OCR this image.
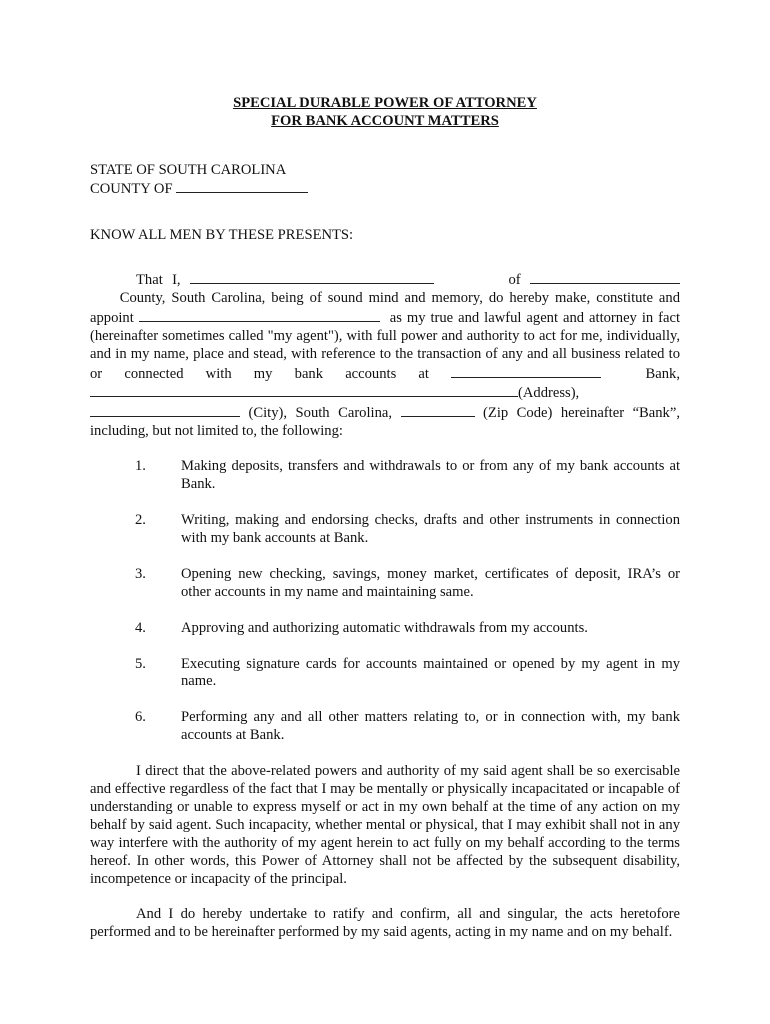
SPECIAL DURABLE POWER OF ATTORNEY

FOR BANK ACCOUNT MATTERS

STATE OF SOUTH CAROLINA
COUNTY OF
KNOW ALL MEN BY THESE PRESENTS:

That I,	of       County, South Carolina, being of sound mind and memory, do hereby make, constitute and appoint	as my true and lawful agent and attorney in fact (hereinafter sometimes called "my agent"), with full power and authority to act for me, individually, and in my name, place and stead, with reference to the transaction of any and all business related to or connected with my bank accounts at	Bank, (Address),  (City), South Carolina,	(Zip Code) hereinafter “Bank”, including, but not limited to, the following:

1.	Making deposits, transfers and withdrawals to or from any of my bank accounts at Bank.
2.	Writing, making and endorsing checks, drafts and other instruments in connection with my bank accounts at Bank.
3.	Opening new checking, savings, money market, certificates of deposit, IRA’s or other accounts in my name and maintaining same.
4.	Approving and authorizing automatic withdrawals from my accounts.
5.	Executing signature cards for accounts maintained or opened by my agent in my name.
6.	Performing any and all other matters relating to, or in connection with, my bank accounts at Bank.

I direct that the above-related powers and authority of my said agent shall be so exercisable and effective regardless of the fact that I may be mentally or physically incapacitated or incapable of understanding or unable to express myself or act in my own behalf at the time of any action on my behalf by said agent. Such incapacity, whether mental or physical, that I may exhibit shall not in any way interfere with the authority of my agent herein to act fully on my behalf according to the terms hereof. In other words, this Power of Attorney shall not be affected by the subsequent disability, incompetence or incapacity of the principal.

And I do hereby undertake to ratify and confirm, all and singular, the acts heretofore performed and to be hereinafter performed by my said agents, acting in my name and on my behalf.
